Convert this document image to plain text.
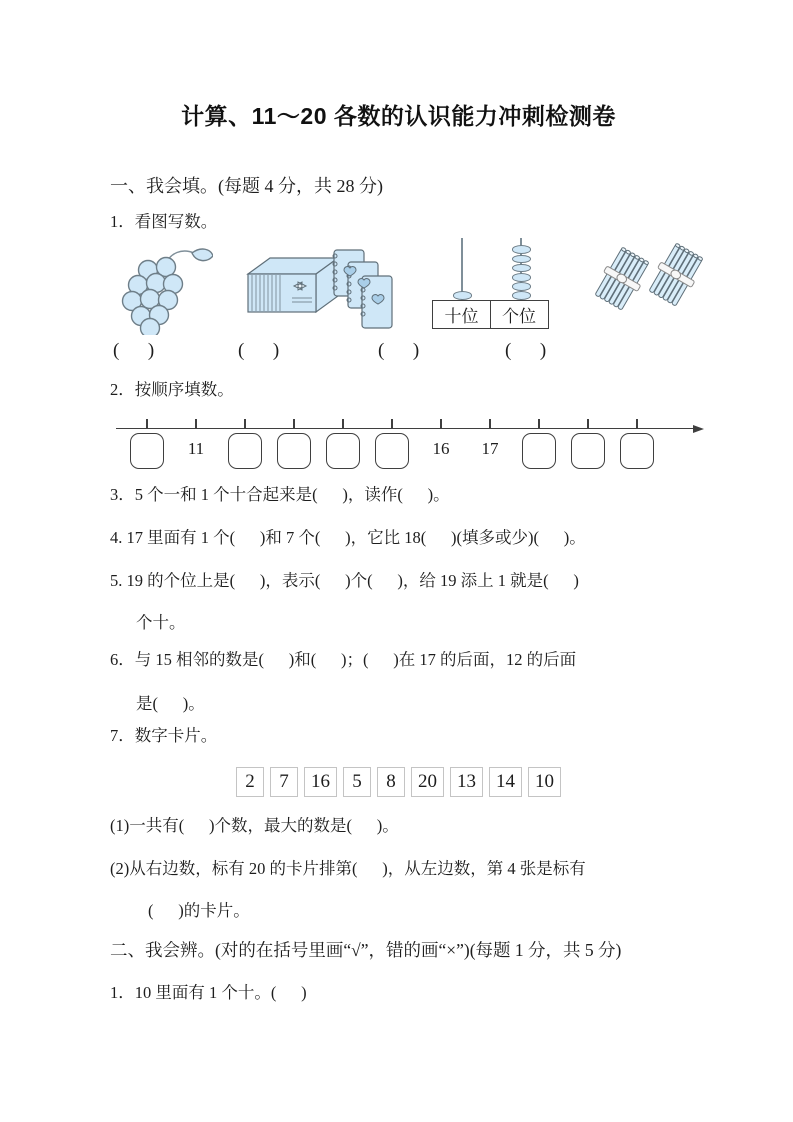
计算、11〜20 各数的认识能力冲刺检测卷
一、我会填。(每题 4 分，共 28 分)

1．看图写数。

十位	个位
(      )	(      )	(      )	(      )

2．按顺序填数。

11	16	17

3．5 个一和 1 个十合起来是(      )，读作(      )。

4. 17 里面有 1 个(      )和 7 个(      )，它比 18(      )(填多或少)(      )。

5. 19 的个位上是(      )，表示(      )个(      )，给 19 添上 1 就是(      )

个十。

6．与 15 相邻的数是(      )和(      )；(      )在 17 的后面，12 的后面

是(      )。

7．数字卡片。

2 7 16 5 8 20 13 14 10

(1)一共有(      )个数，最大的数是(      )。

(2)从右边数，标有 20 的卡片排第(      )，从左边数，第 4 张是标有

(      )的卡片。

二、我会辨。(对的在括号里画“√”，错的画“×”)(每题 1 分，共 5 分)

1．10 里面有 1 个十。(      )
